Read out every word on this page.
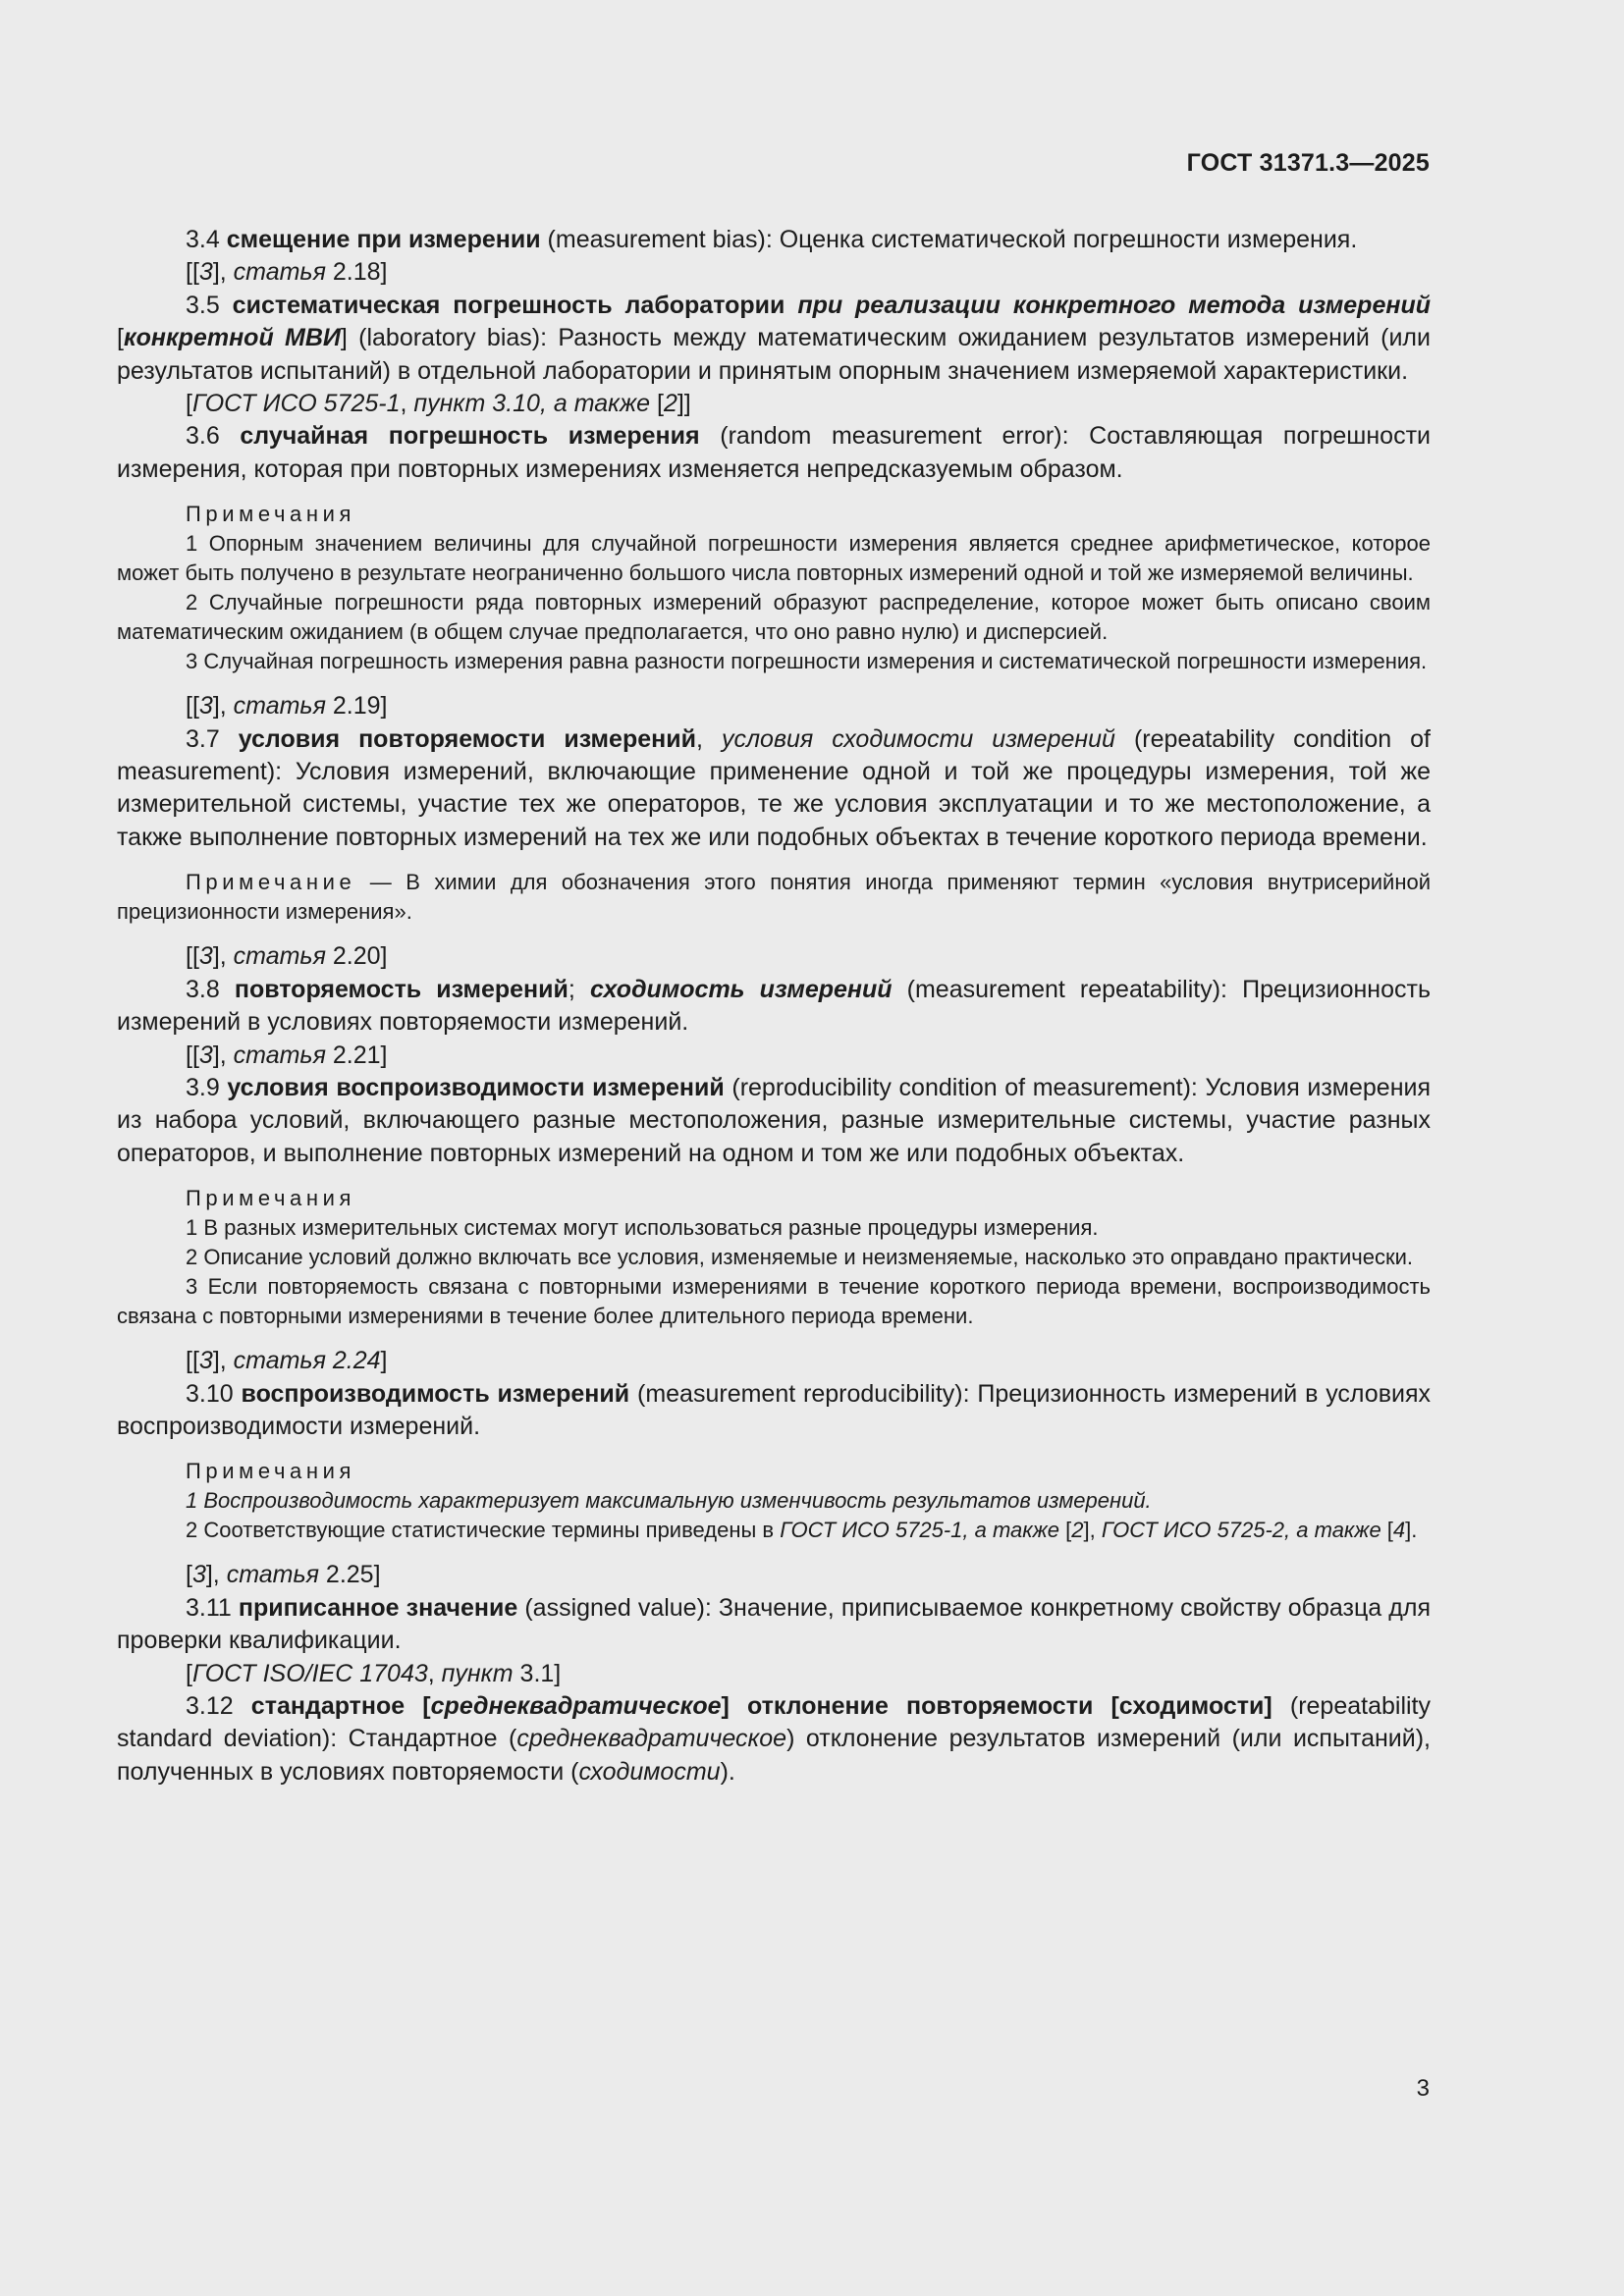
ГОСТ 31371.3—2025

3.4 смещение при измерении (measurement bias): Оценка систематической погрешности измерения.

[[3], статья 2.18]

3.5 систематическая погрешность лаборатории при реализации конкретного метода измерений [конкретной МВИ] (laboratory bias): Разность между математическим ожиданием результатов измерений (или результатов испытаний) в отдельной лаборатории и принятым опорным значением измеряемой характеристики.

[ГОСТ ИСО 5725-1, пункт 3.10, а также [2]]

3.6 случайная погрешность измерения (random measurement error): Составляющая погрешности измерения, которая при повторных измерениях изменяется непредсказуемым образом.

Примечания

1 Опорным значением величины для случайной погрешности измерения является среднее арифметическое, которое может быть получено в результате неограниченно большого числа повторных измерений одной и той же измеряемой величины.

2 Случайные погрешности ряда повторных измерений образуют распределение, которое может быть описано своим математическим ожиданием (в общем случае предполагается, что оно равно нулю) и дисперсией.

3 Случайная погрешность измерения равна разности погрешности измерения и систематической погрешности измерения.

[[3], статья 2.19]

3.7 условия повторяемости измерений, условия сходимости измерений (repeatability condition of measurement): Условия измерений, включающие применение одной и той же процедуры измерения, той же измерительной системы, участие тех же операторов, те же условия эксплуатации и то же местоположение, а также выполнение повторных измерений на тех же или подобных объектах в течение короткого периода времени.

Примечание — В химии для обозначения этого понятия иногда применяют термин «условия внутрисерийной прецизионности измерения».

[[3], статья 2.20]

3.8 повторяемость измерений; сходимость измерений (measurement repeatability): Прецизионность измерений в условиях повторяемости измерений.

[[3], статья 2.21]

3.9 условия воспроизводимости измерений (reproducibility condition of measurement): Условия измерения из набора условий, включающего разные местоположения, разные измерительные системы, участие разных операторов, и выполнение повторных измерений на одном и том же или подобных объектах.

Примечания

1 В разных измерительных системах могут использоваться разные процедуры измерения.

2 Описание условий должно включать все условия, изменяемые и неизменяемые, насколько это оправдано практически.

3 Если повторяемость связана с повторными измерениями в течение короткого периода времени, воспроизводимость связана с повторными измерениями в течение более длительного периода времени.

[[3], статья 2.24]

3.10 воспроизводимость измерений (measurement reproducibility): Прецизионность измерений в условиях воспроизводимости измерений.

Примечания

1 Воспроизводимость характеризует максимальную изменчивость результатов измерений.

2 Соответствующие статистические термины приведены в ГОСТ ИСО 5725-1, а также [2], ГОСТ ИСО 5725-2, а также [4].

[3], статья 2.25]

3.11 приписанное значение (assigned value): Значение, приписываемое конкретному свойству образца для проверки квалификации.

[ГОСТ ISO/IEC 17043, пункт 3.1]

3.12 стандартное [среднеквадратическое] отклонение повторяемости [сходимости] (repeatability standard deviation): Стандартное (среднеквадратическое) отклонение результатов измерений (или испытаний), полученных в условиях повторяемости (сходимости).

3
